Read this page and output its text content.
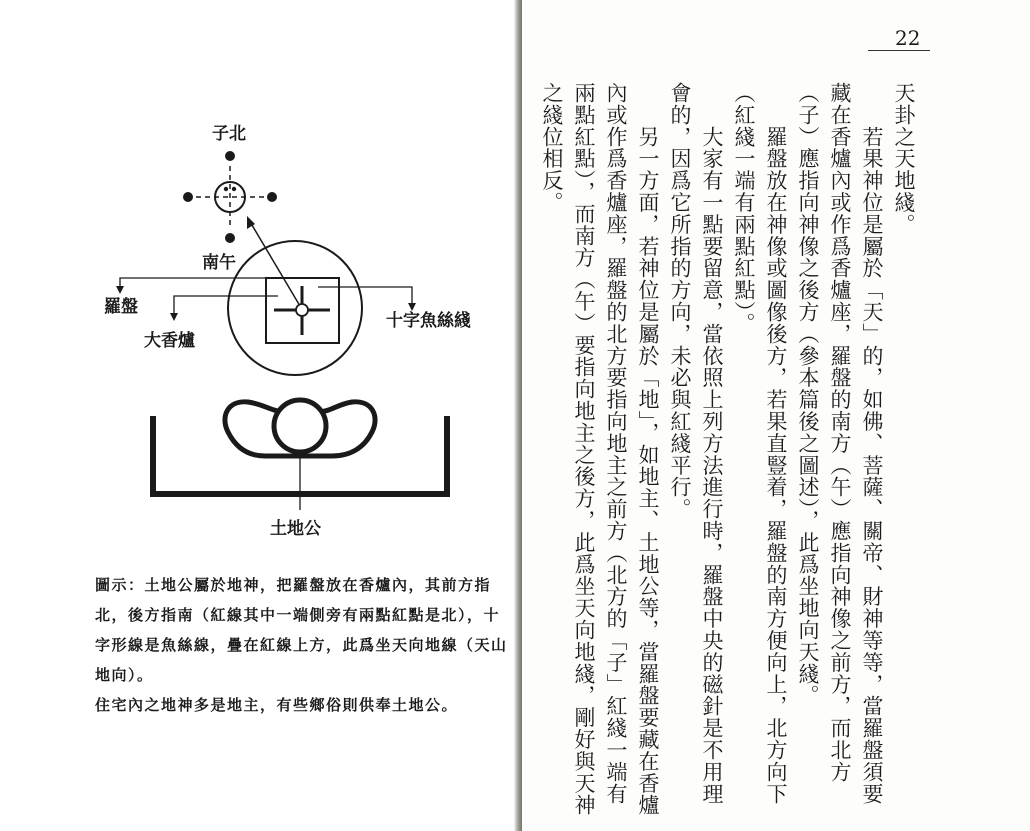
子北
南午
羅盤
大香爐
十字魚絲綫
土地公

圖示：土地公屬於地神，把羅盤放在香爐內，其前方指北，後方指南（紅線其中一端側旁有兩點紅點是北），十字形線是魚絲線，疊在紅線上方，此爲坐天向地線（天山地向）。

住宅內之地神多是地主，有些鄉俗則供奉土地公。

22

天卦之天地綫。

　　若果神位是屬於「天」的，如佛、菩薩、關帝、財神等等，當羅盤須要藏在香爐內或作爲香爐座，羅盤的南方（午）應指向神像之前方，而北方（子）應指向神像之後方（參本篇後之圖述），此爲坐地向天綫。

　　羅盤放在神像或圖像後方，若果直豎着，羅盤的南方便向上，北方向下（紅綫一端有兩點紅點）。

　　大家有一點要留意，當依照上列方法進行時，羅盤中央的磁針是不用理會的，因爲它所指的方向，未必與紅綫平行。

　　另一方面，若神位是屬於「地」，如地主、土地公等，當羅盤要藏在香爐內或作爲香爐座，羅盤的北方要指向地主之前方（北方的「子」紅綫一端有兩點紅點），而南方（午）要指向地主之後方，此爲坐天向地綫，剛好與天神之綫位相反。
